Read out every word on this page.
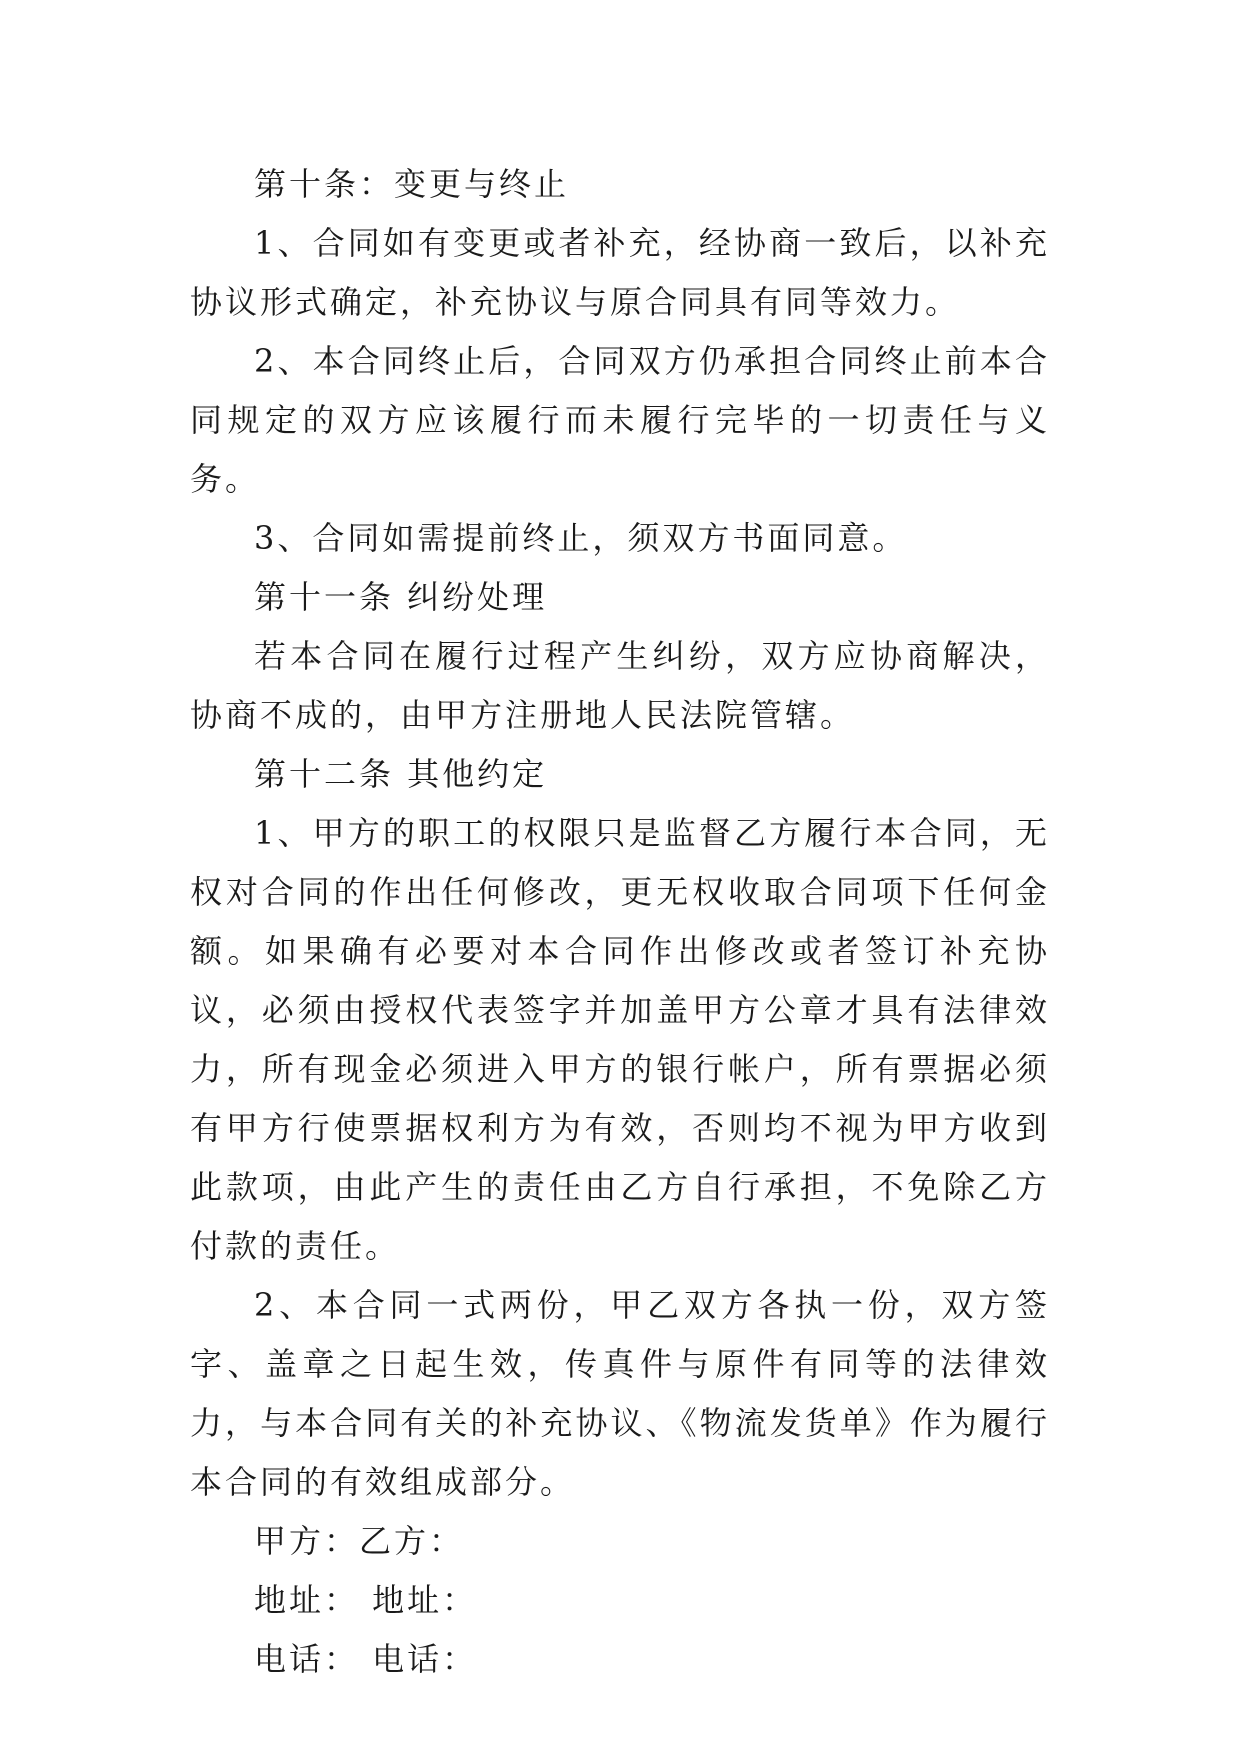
第十条：变更与终止

1、合同如有变更或者补充，经协商一致后，以补充协议形式确定，补充协议与原合同具有同等效力。

2、本合同终止后，合同双方仍承担合同终止前本合同规定的双方应该履行而未履行完毕的一切责任与义务。

3、合同如需提前终止，须双方书面同意。

第十一条 纠纷处理

若本合同在履行过程产生纠纷，双方应协商解决，协商不成的，由甲方注册地人民法院管辖。

第十二条 其他约定

1、甲方的职工的权限只是监督乙方履行本合同，无权对合同的作出任何修改，更无权收取合同项下任何金额。如果确有必要对本合同作出修改或者签订补充协议，必须由授权代表签字并加盖甲方公章才具有法律效力，所有现金必须进入甲方的银行帐户，所有票据必须有甲方行使票据权利方为有效，否则均不视为甲方收到此款项，由此产生的责任由乙方自行承担，不免除乙方付款的责任。

2、本合同一式两份，甲乙双方各执一份，双方签字、盖章之日起生效，传真件与原件有同等的法律效力，与本合同有关的补充协议、《物流发货单》作为履行本合同的有效组成部分。

甲方：乙方：

地址： 地址：

电话： 电话：
